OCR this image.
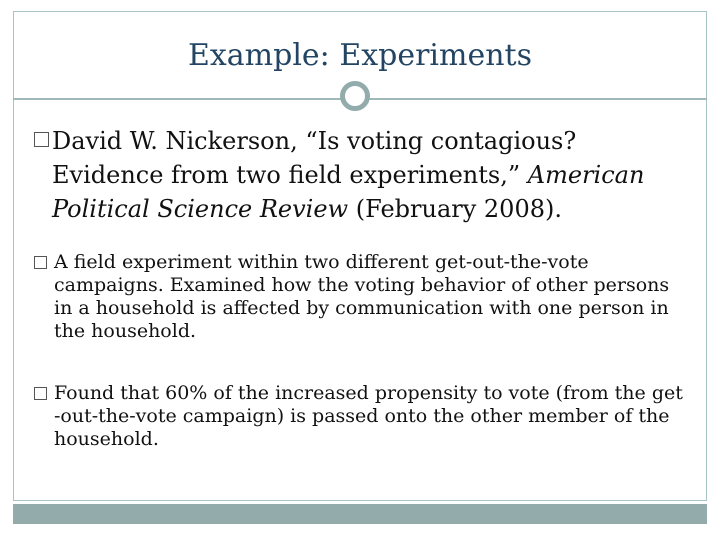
Example: Experiments
David W. Nickerson, “Is voting contagious? Evidence from two field experiments,” American Political Science Review (February 2008).
A field experiment within two different get-out-the-vote campaigns. Examined how the voting behavior of other persons in a household is affected by communication with one person in the household.
Found that 60% of the increased propensity to vote (from the get -out-the-vote campaign) is passed onto the other member of the household.
